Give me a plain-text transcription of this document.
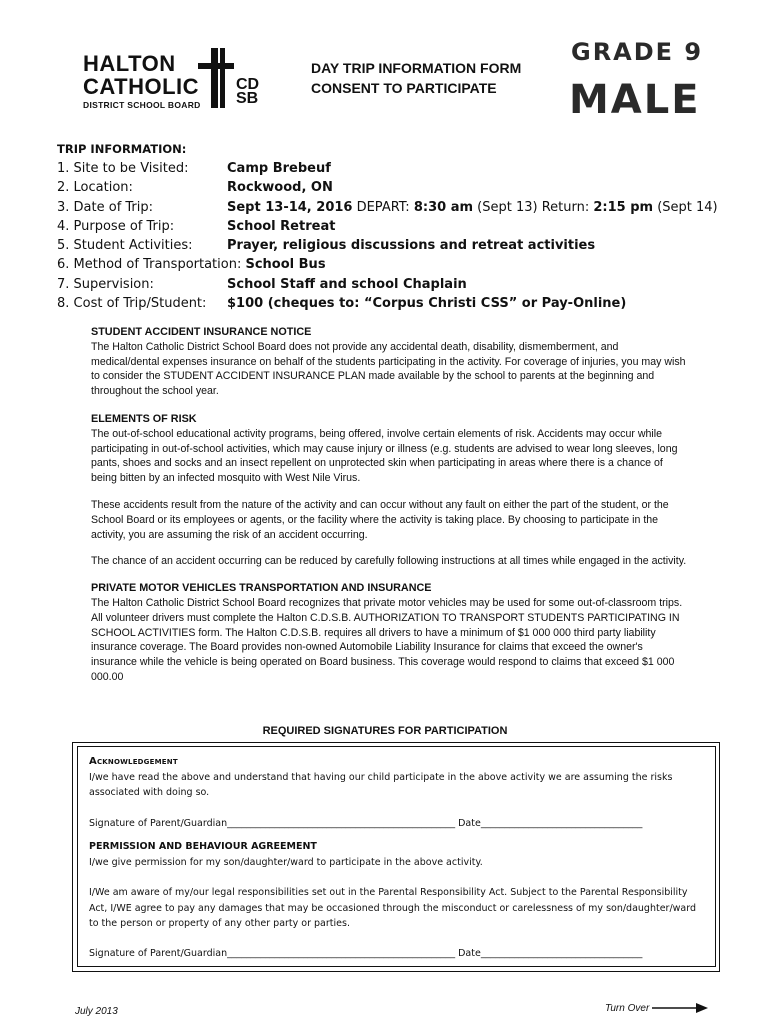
HALTON
CATHOLIC
DISTRICT SCHOOL BOARD
CD
SB
DAY TRIP INFORMATION FORM
CONSENT TO PARTICIPATE
GRADE 9
MALE
TRIP INFORMATION:
1. Site to be Visited:	Camp Brebeuf
2. Location:	Rockwood, ON
3. Date of Trip:	Sept 13-14, 2016 DEPART: 8:30 am (Sept 13) Return: 2:15 pm (Sept 14)
4. Purpose of Trip:	School Retreat
5. Student Activities:	Prayer, religious discussions and retreat activities
6. Method of Transportation: School Bus
7. Supervision:	School Staff and school Chaplain
8. Cost of Trip/Student: $100 (cheques to: “Corpus Christi CSS” or Pay-Online)
STUDENT ACCIDENT INSURANCE NOTICE

The Halton Catholic District School Board does not provide any accidental death, disability, dismemberment, and medical/dental expenses insurance on behalf of the students participating in the activity. For coverage of injuries, you may wish to consider the STUDENT ACCIDENT INSURANCE PLAN made available by the school to parents at the beginning and throughout the school year.

ELEMENTS OF RISK

The out-of-school educational activity programs, being offered, involve certain elements of risk. Accidents may occur while participating in out-of-school activities, which may cause injury or illness (e.g. students are advised to wear long sleeves, long pants, shoes and socks and an insect repellent on unprotected skin when participating in areas where there is a chance of being bitten by an infected mosquito with West Nile Virus.

These accidents result from the nature of the activity and can occur without any fault on either the part of the student, or the School Board or its employees or agents, or the facility where the activity is taking place. By choosing to participate in the activity, you are assuming the risk of an accident occurring.

The chance of an accident occurring can be reduced by carefully following instructions at all times while engaged in the activity.

PRIVATE MOTOR VEHICLES TRANSPORTATION AND INSURANCE

The Halton Catholic District School Board recognizes that private motor vehicles may be used for some out-of-classroom trips. All volunteer drivers must complete the Halton C.D.S.B. AUTHORIZATION TO TRANSPORT STUDENTS PARTICIPATING IN SCHOOL ACTIVITIES form. The Halton C.D.S.B. requires all drivers to have a minimum of $1 000 000 third party liability insurance coverage. The Board provides non-owned Automobile Liability Insurance for claims that exceed the owner's insurance while the vehicle is being operated on Board business. This coverage would respond to claims that exceed $1 000 000.00

REQUIRED SIGNATURES FOR PARTICIPATION
Acknowledgement
I/we have read the above and understand that having our child participate in the above activity we are assuming the risks associated with doing so.
Signature of Parent/Guardian________________________________________________ Date__________________________________
PERMISSION AND BEHAVIOUR AGREEMENT
I/we give permission for my son/daughter/ward to participate in the above activity.
I/We am aware of my/our legal responsibilities set out in the Parental Responsibility Act. Subject to the Parental Responsibility Act, I/WE agree to pay any damages that may be occasioned through the misconduct or carelessness of my son/daughter/ward to the person or property of any other party or parties.
Signature of Parent/Guardian________________________________________________ Date__________________________________
July 2013	Turn Over
